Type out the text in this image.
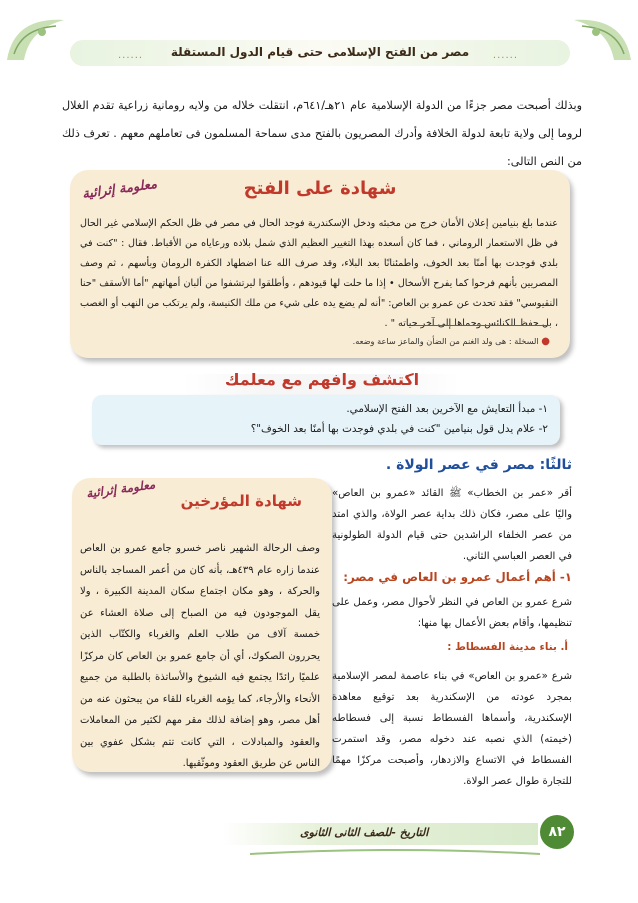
......
...... مصر من الفتح الإسلامى حتى قيام الدول المستقلة

وبذلك أصبحت مصر جزءًا من الدولة الإسلامية عام ٢١هـ/٦٤١م، انتقلت خلاله من ولايه رومانية زراعية تقدم الغلال لروما إلى ولاية تابعة لدولة الخلافة وأدرك المصريون بالفتح مدى سماحة المسلمون فى تعاملهم معهم . تعرف ذلك من النص التالى:

معلومة إثرائية	شهادة على الفتح

عندما بلغ بنيامين إعلان الأمان خرج من مخبئه ودخل الإسكندرية فوجد الحال في مصر في ظل الحكم الإسلامي غير الحال في ظل الاستعمار الروماني ، فما كان أسعده بهذا التغيير العظيم الذي شمل بلاده ورعاياه من الأقباط. فقال : "كنت في بلدي فوجدت بها أمنًا بعد الخوف، واطمئنانًا بعد البلاء، وقد صرف الله عنا اضطهاد الكفرة الرومان وبأسهم ، ثم وصف المصريين بأنهم فرحوا كما يفرح الأسخال • إذا ما حلت لها قيودهم ، وأطلقوا ليرتشفوا من ألبان أمهاتهم "أما الأسقف "حنا النقيوسي" فقد تحدث عن عمرو بن العاص: "أنه لم يضع يده على شيء من ملك الكنيسة، ولم يرتكب من النهب أو الغصب ، بل حفظ الكنائس وحماها إلى آخر حياته " .

● السخلة : هى ولد الغنم من الضأن والماعز ساعة وضعه.
اكتشف وافهم مع معلمك
١- مبدأ التعايش مع الآخرين بعد الفتح الإسلامي.
٢- علام يدل قول بنيامين "كنت في بلدي فوجدت بها أمنًا بعد الخوف"؟
ثالثًا: مصر في عصر الولاة .

أقر «عمر بن الخطاب» ﷺ القائد «عمرو بن العاص» واليًا على مصر، فكان ذلك بداية عصر الولاة، والذي امتد من عصر الخلفاء الراشدين حتى قيام الدولة الطولونية في العصر العباسي الثاني.

١- أهم أعمال عمرو بن العاص في مصر:

شرع عمرو بن العاص في النظر لأحوال مصر، وعمل على تنظيمها، وأقام بعض الأعمال بها منها:

أ. بناء مدينة الفسطاط :

شرع «عمرو بن العاص» في بناء عاصمة لمصر الإسلامية بمجرد عودته من الإسكندرية بعد توقيع معاهدة الإسكندرية، وأسماها الفسطاط نسبة إلى فسطاطه (خيمته) الذي نصبه عند دخوله مصر، وقد استمرت الفسطاط في الاتساع والازدهار، وأصبحت مركزًا مهمًا للتجارة طوال عصر الولاة.

معلومة إثرائية
شهادة المؤرخين

وصف الرحالة الشهير ناصر خسرو جامع عمرو بن العاص عندما زاره عام ٤٣٩هـ، بأنه كان من أعمر المساجد بالناس والحركة ، وهو مكان اجتماع سكان المدينة الكبيرة ، ولا يقل الموجودون فيه من الصباح إلى صلاة العشاء عن خمسة آلاف من طلاب العلم والغرباء والكتّاب الذين يحررون الصكوك، أي أن جامع عمرو بن العاص كان مركزًا علميًا رائدًا يجتمع فيه الشيوخ والأساتذة بالطلبة من جميع الأنحاء والأرجاء، كما يؤمه الغرباء للقاء من يبحثون عنه من أهل مصر، وهو إضافة لذلك مقر مهم لكثير من المعاملات والعقود والمبادلات ، التي كانت تتم بشكل عفوي بين الناس عن طريق العقود وموثّقيها.

التاريخ -للصف الثانى الثانوى	٨٢
